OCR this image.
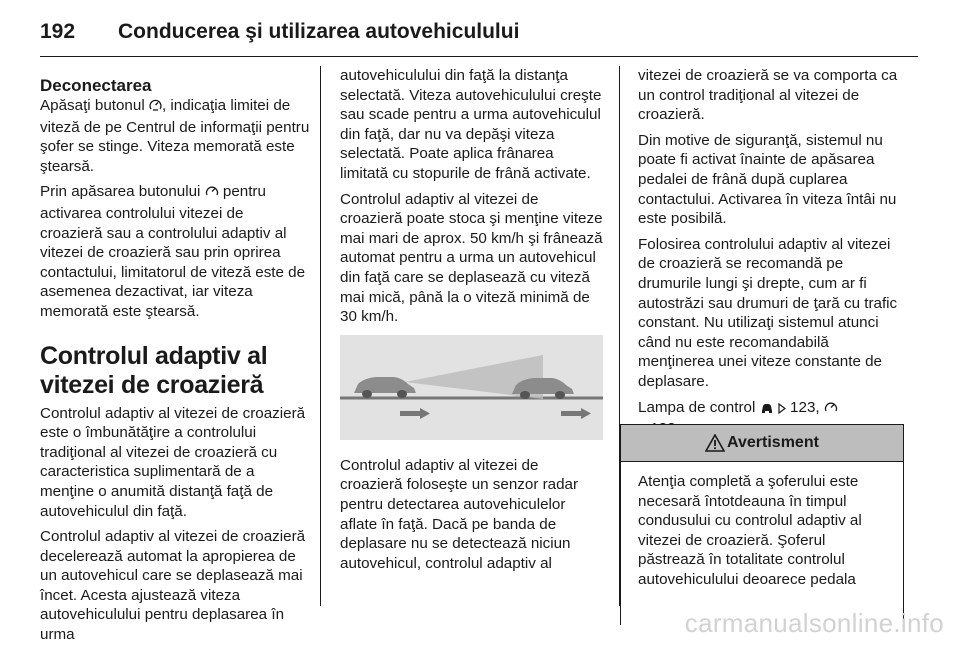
192 Conducerea şi utilizarea autovehiculului
Deconectarea

Apăsaţi butonul , indicaţia limitei de viteză de pe Centrul de informaţii pentru şofer se stinge. Viteza memorată este ştearsă.

Prin apăsarea butonului  pentru activarea controlului vitezei de croazieră sau a controlului adaptiv al vitezei de croazieră sau prin oprirea contactului, limitatorul de viteză este de asemenea dezactivat, iar viteza memorată este ştearsă.

Controlul adaptiv al vitezei de croazieră

Controlul adaptiv al vitezei de croazieră este o îmbunătăţire a controlului tradiţional al vitezei de croazieră cu caracteristica suplimentară de a menţine o anumită distanţă faţă de autovehiculul din faţă.

Controlul adaptiv al vitezei de croazieră decelerează automat la apropierea de un autovehicul care se deplasează mai încet. Acesta ajustează viteza autovehiculului pentru deplasarea în urma

autovehiculului din faţă la distanţa selectată. Viteza autovehiculului creşte sau scade pentru a urma autovehiculul din faţă, dar nu va depăşi viteza selectată. Poate aplica frânarea limitată cu stopurile de frână activate.

Controlul adaptiv al vitezei de croazieră poate stoca şi menţine viteze mai mari de aprox. 50 km/h şi frânează automat pentru a urma un autovehicul din faţă care se deplasează cu viteză mai mică, până la o viteză minimă de 30 km/h.

Controlul adaptiv al vitezei de croazieră foloseşte un senzor radar pentru detectarea autovehiculelor aflate în faţă. Dacă pe banda de deplasare nu se detectează niciun autovehicul, controlul adaptiv al

vitezei de croazieră se va comporta ca un control tradiţional al vitezei de croazieră.

Din motive de siguranţă, sistemul nu poate fi activat înainte de apăsarea pedalei de frână după cuplarea contactului. Activarea în viteza întâi nu este posibilă.

Folosirea controlului adaptiv al vitezei de croazieră se recomandă pe drumurile lungi şi drepte, cum ar fi autostrăzi sau drumuri de ţară cu trafic constant. Nu utilizaţi sistemul atunci când nu este recomandabilă menţinerea unei viteze constante de deplasare.

Lampa de control   123,

Avertisment
Atenţia completă a şoferului este necesară întotdeauna în timpul condusului cu controlul adaptiv al vitezei de croazieră. Şoferul păstrează în totalitate controlul autovehiculului deoarece pedala
carmanualsonline.info
